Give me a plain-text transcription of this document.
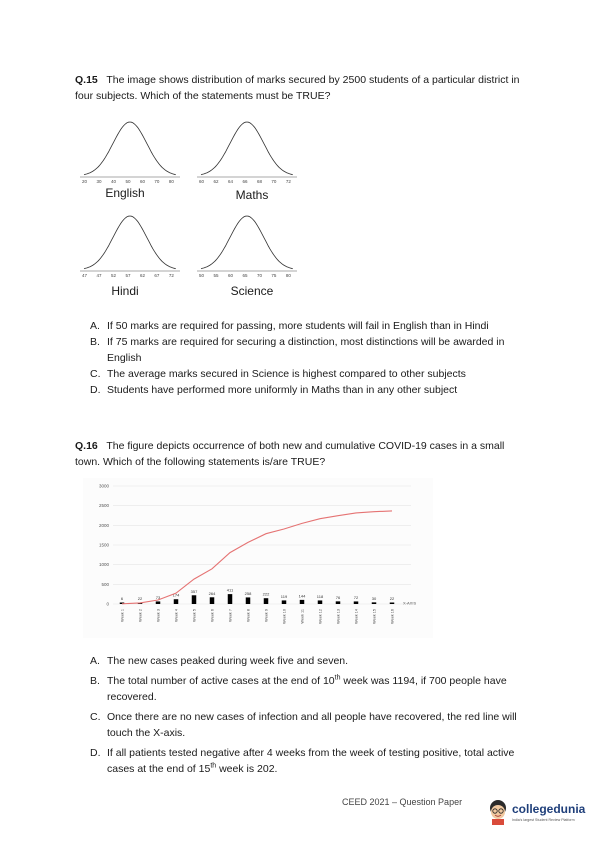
Q.15 The image shows distribution of marks secured by 2500 students of a particular district in four subjects. Which of the statements must be TRUE?
20 30 40 50 60 70 80
English
60 62 64 66 68 70 72
Maths
47 47 52 57 62 67 72
Hindi
50 55 60 65 70 75 80
Science
A. If 50 marks are required for passing, more students will fail in English than in Hindi
B. If 75 marks are required for securing a distinction, most distinctions will be awarded in English
C. The average marks secured in Science is highest compared to other subjects
D. Students have performed more uniformly in Maths than in any other subject
Q.16 The figure depicts occurrence of both new and cumulative COVID-19 cases in a small town. Which of the following statements is/are TRUE?
0
500
1000
1500
2000
2500
3000
6
Week 1
22
Week 2
73
Week 3
174
Week 4
357
Week 5
264
Week 6
411
Week 7
258
Week 8
222
Week 9
119
Week 10
144
Week 11
118
Week 12
76
Week 13
72
Week 14
30
Week 15
22
Week 16
X-AXIS
A. The new cases peaked during week five and seven.
B. The total number of active cases at the end of 10th week was 1194, if 700 people have recovered.
C. Once there are no new cases of infection and all people have recovered, the red line will touch the X-axis.
D. If all patients tested negative after 4 weeks from the week of testing positive, total active cases at the end of 15th week is 202.
CEED 2021 – Question Paper	collegedunia
India's largest Student Review Platform
